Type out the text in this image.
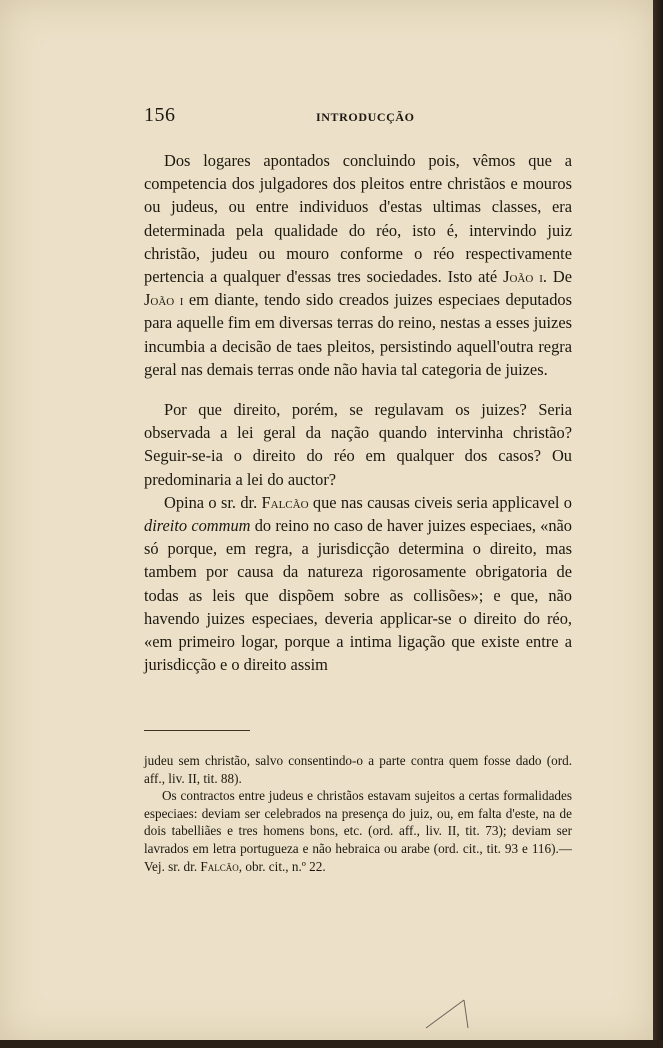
156	INTRODUCÇÃO

Dos logares apontados concluindo pois, vêmos que a competencia dos julgadores dos pleitos entre christãos e mouros ou judeus, ou entre individuos d'estas ultimas classes, era determinada pela qualidade do réo, isto é, intervindo juiz christão, judeu ou mouro conforme o réo respectivamente pertencia a qualquer d'essas tres sociedades. Isto até João i. De João i em diante, tendo sido creados juizes especiaes deputados para aquelle fim em diversas terras do reino, nestas a esses juizes incumbia a decisão de taes pleitos, persistindo aquell'outra regra geral nas demais terras onde não havia tal categoria de juizes.

Por que direito, porém, se regulavam os juizes? Seria observada a lei geral da nação quando intervinha christão? Seguir-se-ia o direito do réo em qualquer dos casos? Ou predominaria a lei do auctor?

Opina o sr. dr. Falcão que nas causas civeis seria applicavel o direito commum do reino no caso de haver juizes especiaes, «não só porque, em regra, a jurisdicção determina o direito, mas tambem por causa da natureza rigorosamente obrigatoria de todas as leis que dispõem sobre as collisões»; e que, não havendo juizes especiaes, deveria applicar-se o direito do réo, «em primeiro logar, porque a intima ligação que existe entre a jurisdicção e o direito assim

judeu sem christão, salvo consentindo-o a parte contra quem fosse dado (ord. aff., liv. II, tit. 88).

Os contractos entre judeus e christãos estavam sujeitos a certas formalidades especiaes: deviam ser celebrados na presença do juiz, ou, em falta d'este, na de dois tabelliães e tres homens bons, etc. (ord. aff., liv. II, tit. 73); deviam ser lavrados em letra portugueza e não hebraica ou arabe (ord. cit., tit. 93 e 116).—Vej. sr. dr. Falcão, obr. cit., n.º 22.
